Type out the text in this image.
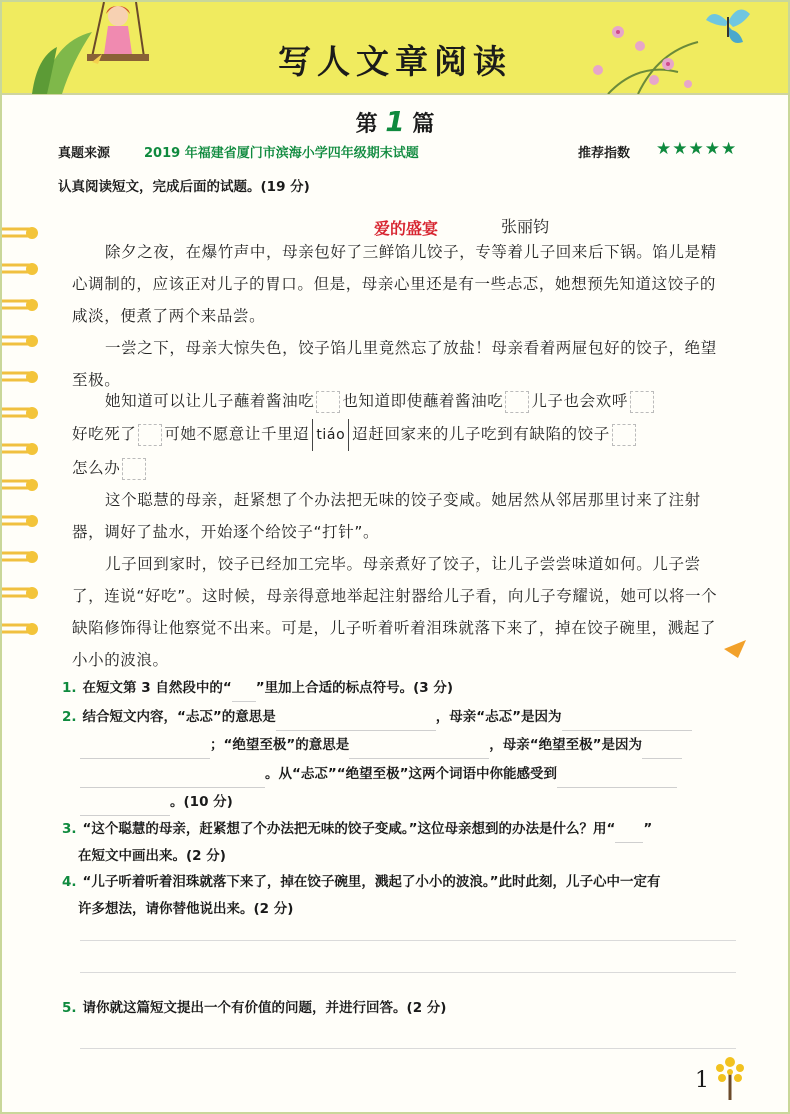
写人文章阅读
第 1 篇
真题来源	2019 年福建省厦门市滨海小学四年级期末试题	推荐指数 ★★★★★
认真阅读短文，完成后面的试题。(19 分)
爱的盛宴	张丽钧
除夕之夜，在爆竹声中，母亲包好了三鲜馅儿饺子，专等着儿子回来后下锅。馅儿是精心调制的，应该正对儿子的胃口。但是，母亲心里还是有一些忐忑，她想预先知道这饺子的咸淡，便煮了两个来品尝。
一尝之下，母亲大惊失色，饺子馅儿里竟然忘了放盐！母亲看着两屉包好的饺子，绝望至极。
她知道可以让儿子蘸着酱油吃 也知道即使蘸着酱油吃 儿子也会欢呼
好吃死了 可她不愿意让千里迢 tiáo 迢赶回家来的儿子吃到有缺陷的饺子
怎么办
这个聪慧的母亲，赶紧想了个办法把无味的饺子变咸。她居然从邻居那里讨来了注射器，调好了盐水，开始逐个给饺子“打针”。
儿子回到家时，饺子已经加工完毕。母亲煮好了饺子，让儿子尝尝味道如何。儿子尝了，连说“好吃”。这时候，母亲得意地举起注射器给儿子看，向儿子夸耀说，她可以将一个缺陷修饰得让他察觉不出来。可是，儿子听着听着泪珠就落下来了，掉在饺子碗里，溅起了小小的波浪。
1. 在短文第 3 自然段中的“ ”里加上合适的标点符号。(3 分)
2. 结合短文内容，“忐忑”的意思是	，母亲“忐忑”是因为
；“绝望至极”的意思是	，母亲“绝望至极”是因为
。从“忐忑”“绝望至极”这两个词语中你能感受到
。(10 分)
3. “这个聪慧的母亲，赶紧想了个办法把无味的饺子变咸。”这位母亲想到的办法是什么？用“ ”
在短文中画出来。(2 分)
4. “儿子听着听着泪珠就落下来了，掉在饺子碗里，溅起了小小的波浪。”此时此刻，儿子心中一定有
许多想法，请你替他说出来。(2 分)
5. 请你就这篇短文提出一个有价值的问题，并进行回答。(2 分)
1
